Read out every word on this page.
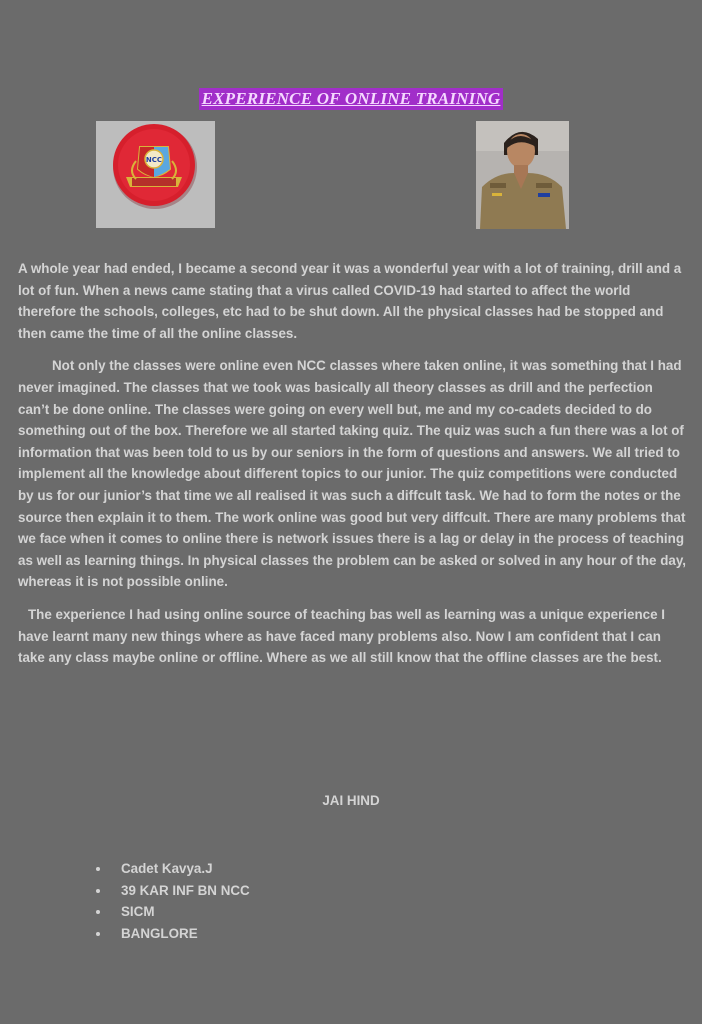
EXPERIENCE OF ONLINE TRAINING
NCC

A whole year had ended, I became a second year it was a wonderful year with a lot of training, drill and a lot of fun. When a news came stating that a virus called COVID-19 had started to affect the world therefore the schools, colleges, etc had to be shut down. All the physical classes had be stopped and then came the time of all the online classes.

Not only the classes were online even NCC classes where taken online, it was something that I had never imagined. The classes that we took was basically all theory classes as drill and the perfection can’t be done online. The classes were going on every well but, me and my co-cadets decided to do something out of the box. Therefore we all started taking quiz. The quiz was such a fun there was a lot of information that was been told to us by our seniors in the form of questions and answers. We all tried to implement all the knowledge about different topics to our junior. The quiz competitions were conducted by us for our junior’s that time we all realised it was such a diffcult task. We had to form the notes or the source then explain it to them. The work online was good but very diffcult. There are many problems that we face when it comes to online there is network issues there is a lag or delay in the process of teaching as well as learning things. In physical classes the problem can be asked or solved in any hour of the day, whereas it is not possible online.

The experience I had using online source of teaching bas well as learning was a unique experience I have learnt many new things where as have faced many problems also. Now I am confident that I can take any class maybe online or offline. Where as we all still know that the offline classes are the best.

JAI HIND
Cadet Kavya.J
39 KAR INF BN NCC
SICM
BANGLORE
